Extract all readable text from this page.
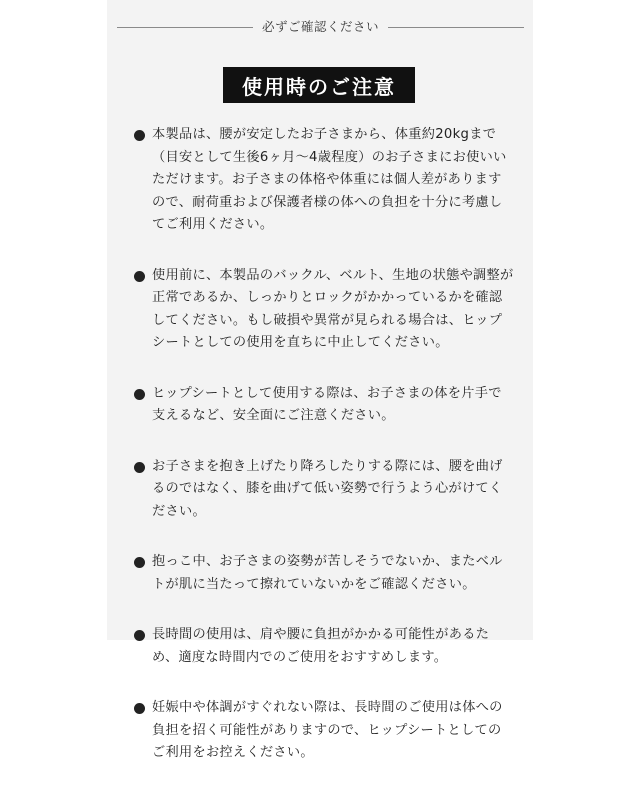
必ずご確認ください
使用時のご注意
本製品は、腰が安定したお子さまから、体重約20kgまで（目安として生後6ヶ月〜4歳程度）のお子さまにお使いいただけます。お子さまの体格や体重には個人差がありますので、耐荷重および保護者様の体への負担を十分に考慮してご利用ください。
使用前に、本製品のバックル、ベルト、生地の状態や調整が正常であるか、しっかりとロックがかかっているかを確認してください。もし破損や異常が見られる場合は、ヒップシートとしての使用を直ちに中止してください。
ヒップシートとして使用する際は、お子さまの体を片手で支えるなど、安全面にご注意ください。
お子さまを抱き上げたり降ろしたりする際には、腰を曲げるのではなく、膝を曲げて低い姿勢で行うよう心がけてください。
抱っこ中、お子さまの姿勢が苦しそうでないか、またベルトが肌に当たって擦れていないかをご確認ください。
長時間の使用は、肩や腰に負担がかかる可能性があるため、適度な時間内でのご使用をおすすめします。
妊娠中や体調がすぐれない際は、長時間のご使用は体への負担を招く可能性がありますので、ヒップシートとしてのご利用をお控えください。
